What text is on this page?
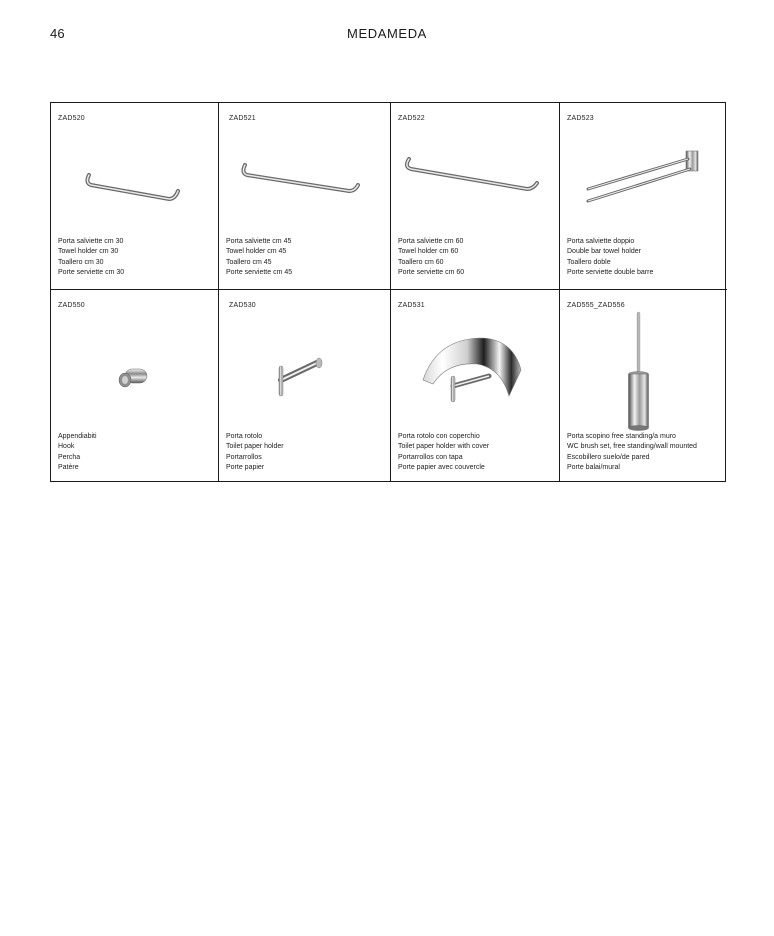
46	MEDAMEDA
ZAD520
Porta salviette cm 30
Towel holder cm 30
Toallero cm 30
Porte serviette cm 30
ZAD521
Porta salviette cm 45
Towel holder cm 45
Toallero cm 45
Porte serviette cm 45
ZAD522
Porta salviette cm 60
Towel holder cm 60
Toallero cm 60
Porte serviette cm 60
ZAD523
Porta salviette doppio
Double bar towel holder
Toallero doble
Porte serviette double barre
ZAD550
Appendiabiti
Hook
Percha
Patère
ZAD530
Porta rotolo
Toilet paper holder
Portarrollos
Porte papier
ZAD531
Porta rotolo con coperchio
Toilet paper holder with cover
Portarrollos con tapa
Porte papier avec couvercle
ZAD555_ZAD556
Porta scopino free standing/a muro
WC brush set, free standing/wall mounted
Escobillero suelo/de pared
Porte balai/mural
